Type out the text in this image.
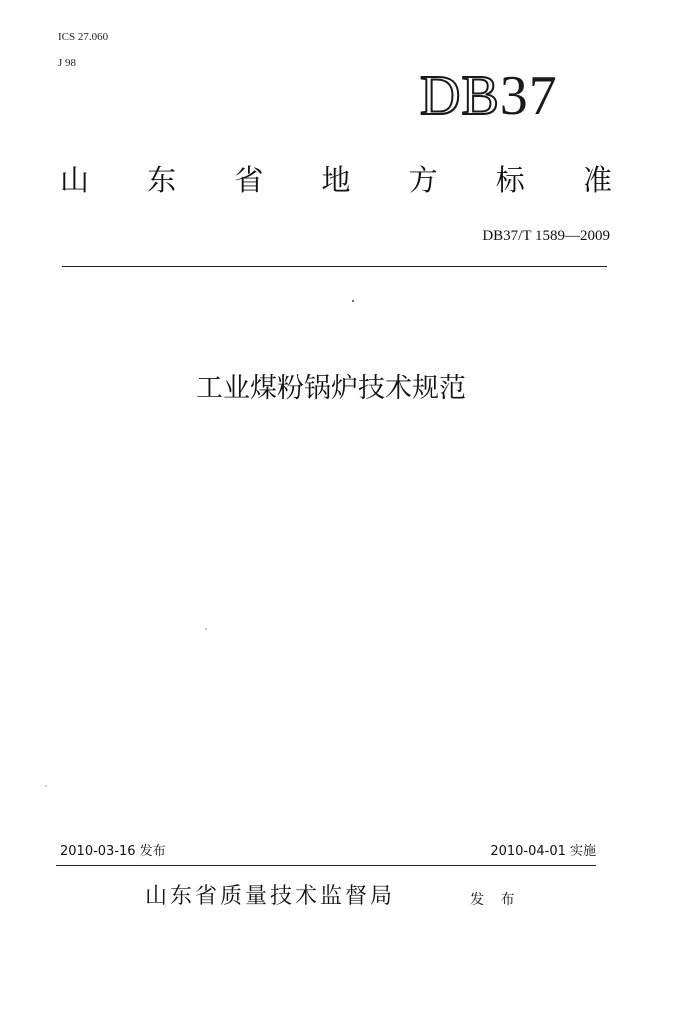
ICS 27.060
J 98
DB37
山 东 省 地 方 标 准
DB37/T 1589—2009
工业煤粉锅炉技术规范
2010-03-16 发布	2010-04-01 实施
山东省质量技术监督局	发 布
